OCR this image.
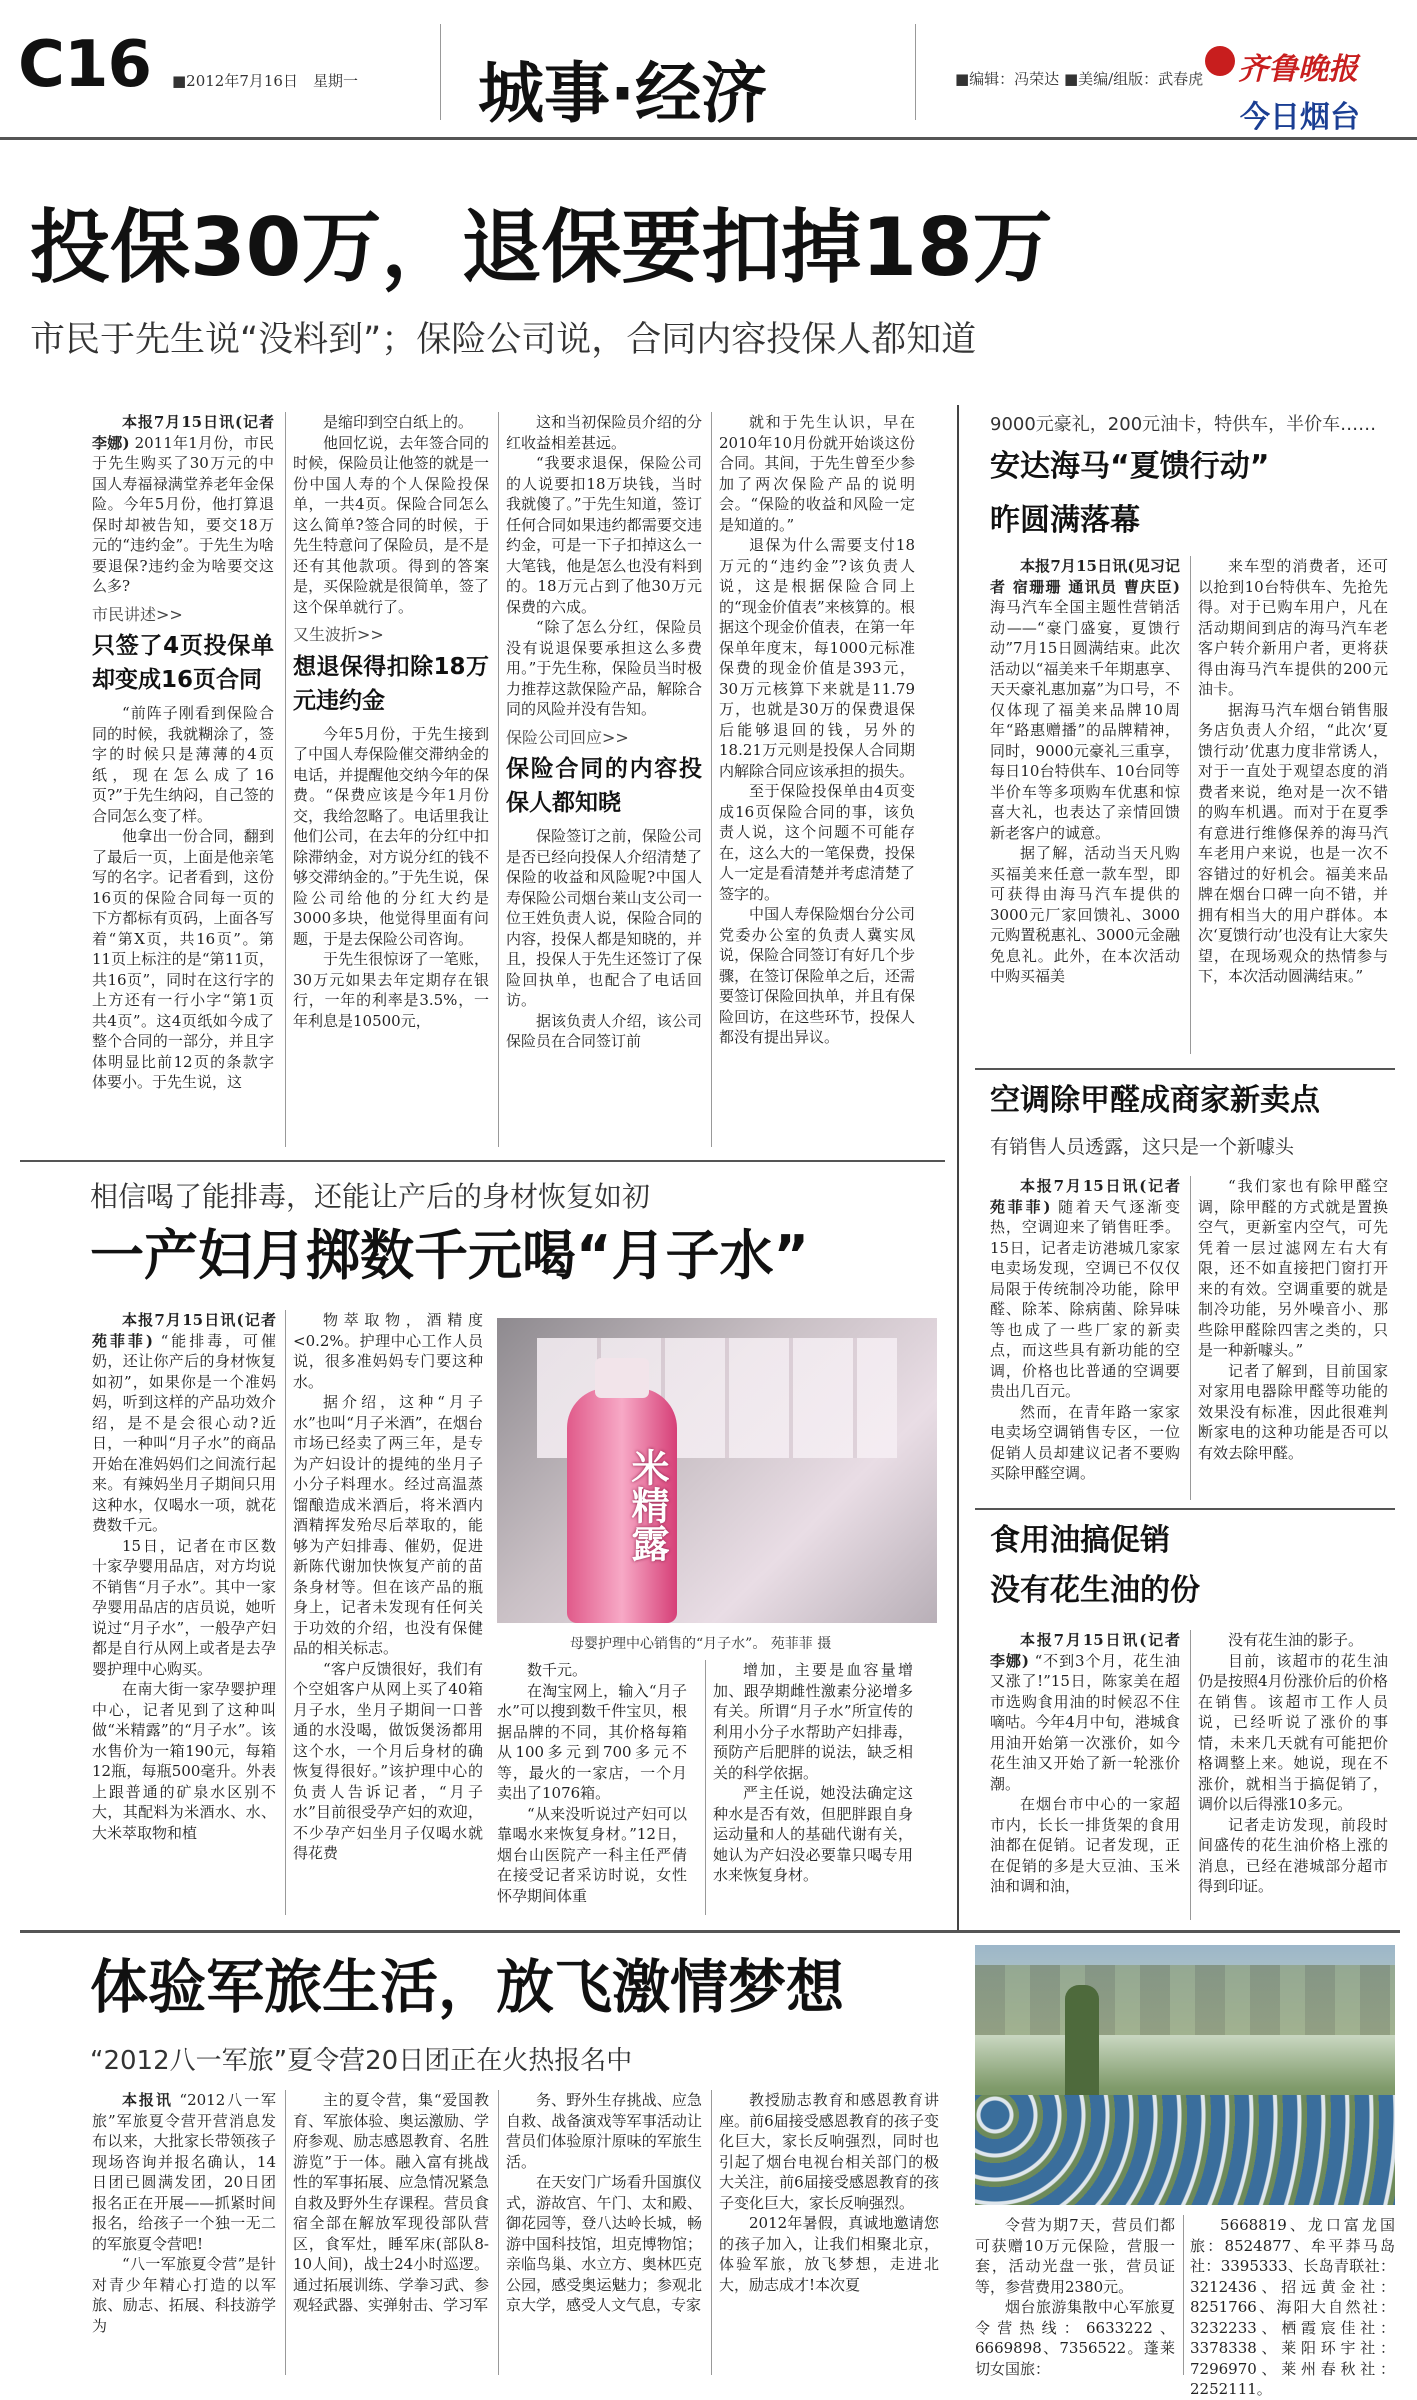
C16 ■2012年7月16日　星期一 城事·经济	■编辑：冯荣达 ■美编/组版：武春虎 齐鲁晚报
今日烟台
投保30万，退保要扣掉18万
市民于先生说“没料到”；保险公司说，合同内容投保人都知道

本报7月15日讯(记者 李娜) 2011年1月份，市民于先生购买了30万元的中国人寿福禄满堂养老年金保险。今年5月份，他打算退保时却被告知，要交18万元的“违约金”。于先生为啥要退保?违约金为啥要交这么多?

市民讲述>>
只签了4页投保单却变成16页合同

“前阵子刚看到保险合同的时候，我就糊涂了，签字的时候只是薄薄的4页纸，现在怎么成了16页?”于先生纳闷，自己签的合同怎么变了样。

他拿出一份合同，翻到了最后一页，上面是他亲笔写的名字。记者看到，这份16页的保险合同每一页的下方都标有页码，上面各写着“第X页，共16页”。第11页上标注的是“第11页，共16页”，同时在这行字的上方还有一行小字“第1页共4页”。这4页纸如今成了整个合同的一部分，并且字体明显比前12页的条款字体要小。于先生说，这

是缩印到空白纸上的。

他回忆说，去年签合同的时候，保险员让他签的就是一份中国人寿的个人保险投保单，一共4页。保险合同怎么这么简单?签合同的时候，于先生特意问了保险员，是不是还有其他款项。得到的答案是，买保险就是很简单，签了这个保单就行了。

又生波折>>
想退保得扣除18万元违约金

今年5月份，于先生接到了中国人寿保险催交滞纳金的电话，并提醒他交纳今年的保费。“保费应该是今年1月份交，我给忽略了。电话里我让他们公司，在去年的分红中扣除滞纳金，对方说分红的钱不够交滞纳金的。”于先生说，保险公司给他的分红大约是3000多块，他觉得里面有问题，于是去保险公司咨询。

于先生很惊讶了一笔账，30万元如果去年定期存在银行，一年的利率是3.5%，一年利息是10500元，

这和当初保险员介绍的分红收益相差甚远。

“我要求退保，保险公司的人说要扣18万块钱，当时我就傻了。”于先生知道，签订任何合同如果违约都需要交违约金，可是一下子扣掉这么一大笔钱，他是怎么也没有料到的。18万元占到了他30万元保费的六成。

“除了怎么分红，保险员没有说退保要承担这么多费用。”于先生称，保险员当时极力推荐这款保险产品，解除合同的风险并没有告知。

保险公司回应>>
保险合同的内容投保人都知晓

保险签订之前，保险公司是否已经向投保人介绍清楚了保险的收益和风险呢?中国人寿保险公司烟台莱山支公司一位王姓负责人说，保险合同的内容，投保人都是知晓的，并且，投保人于先生还签订了保险回执单，也配合了电话回访。

据该负责人介绍，该公司保险员在合同签订前

就和于先生认识，早在2010年10月份就开始谈这份合同。其间，于先生曾至少参加了两次保险产品的说明会。“保险的收益和风险一定是知道的。”

退保为什么需要支付18万元的“违约金”?该负责人说，这是根据保险合同上的“现金价值表”来核算的。根据这个现金价值表，在第一年保单年度末，每1000元标准保费的现金价值是393元，30万元核算下来就是11.79万，也就是30万的保费退保后能够退回的钱，另外的18.21万元则是投保人合同期内解除合同应该承担的损失。

至于保险投保单由4页变成16页保险合同的事，该负责人说，这个问题不可能存在，这么大的一笔保费，投保人一定是看清楚并考虑清楚了签字的。

中国人寿保险烟台分公司党委办公室的负责人冀实凤说，保险合同签订有好几个步骤，在签订保险单之后，还需要签订保险回执单，并且有保险回访，在这些环节，投保人都没有提出异议。

9000元豪礼，200元油卡，特供车，半价车……
安达海马“夏馈行动”
昨圆满落幕

本报7月15日讯(见习记者 宿珊珊 通讯员 曹庆臣) 海马汽车全国主题性营销活动——“豪门盛宴，夏馈行动”7月15日圆满结束。此次活动以“福美来千年期惠享、天天豪礼惠加嘉”为口号，不仅体现了福美来品牌10周年“路惠赠播”的品牌精神，同时，9000元豪礼三重享，每日10台特供车、10台同等半价车等多项购车优惠和惊喜大礼，也表达了亲情回馈新老客户的诚意。

据了解，活动当天凡购买福美来任意一款车型，即可获得由海马汽车提供的3000元厂家回馈礼、3000元购置税惠礼、3000元金融免息礼。此外，在本次活动中购买福美

来车型的消费者，还可以抢到10台特供车、先抢先得。对于已购车用户，凡在活动期间到店的海马汽车老客户转介新用户者，更将获得由海马汽车提供的200元油卡。

据海马汽车烟台销售服务店负责人介绍，“此次‘夏馈行动’优惠力度非常诱人，对于一直处于观望态度的消费者来说，绝对是一次不错的购车机遇。而对于在夏季有意进行维修保养的海马汽车老用户来说，也是一次不容错过的好机会。福美来品牌在烟台口碑一向不错，并拥有相当大的用户群体。本次‘夏馈行动’也没有让大家失望，在现场观众的热情参与下，本次活动圆满结束。”

空调除甲醛成商家新卖点
有销售人员透露，这只是一个新噱头

本报7月15日讯(记者 苑菲菲) 随着天气逐渐变热，空调迎来了销售旺季。15日，记者走访港城几家家电卖场发现，空调已不仅仅局限于传统制冷功能，除甲醛、除苯、除病菌、除异味等也成了一些厂家的新卖点，而这些具有新功能的空调，价格也比普通的空调要贵出几百元。

然而，在青年路一家家电卖场空调销售专区，一位促销人员却建议记者不要购买除甲醛空调。

“我们家也有除甲醛空调，除甲醛的方式就是置换空气，更新室内空气，可先凭着一层过滤网左右大有限，还不如直接把门窗打开来的有效。空调重要的就是制冷功能，另外噪音小、那些除甲醛除四害之类的，只是一种新噱头。”

记者了解到，目前国家对家用电器除甲醛等功能的效果没有标准，因此很难判断家电的这种功能是否可以有效去除甲醛。

食用油搞促销
没有花生油的份

本报7月15日讯(记者 李娜) “不到3个月，花生油又涨了!”15日，陈家美在超市选购食用油的时候忍不住嘀咕。今年4月中旬，港城食用油开始第一次涨价，如今花生油又开始了新一轮涨价潮。

在烟台市中心的一家超市内，长长一排货架的食用油都在促销。记者发现，正在促销的多是大豆油、玉米油和调和油，

没有花生油的影子。

目前，该超市的花生油仍是按照4月份涨价后的价格在销售。该超市工作人员说，已经听说了涨价的事情，未来几天就有可能把价格调整上来。她说，现在不涨价，就相当于搞促销了，调价以后得涨10多元。

记者走访发现，前段时间盛传的花生油价格上涨的消息，已经在港城部分超市得到印证。

相信喝了能排毒，还能让产后的身材恢复如初
一产妇月掷数千元喝“月子水”

本报7月15日讯(记者 苑菲菲) “能排毒，可催奶，还让你产后的身材恢复如初”，如果你是一个准妈妈，听到这样的产品功效介绍，是不是会很心动?近日，一种叫“月子水”的商品开始在准妈妈们之间流行起来。有辣妈坐月子期间只用这种水，仅喝水一项，就花费数千元。

15日，记者在市区数十家孕婴用品店，对方均说不销售“月子水”。其中一家孕婴用品店的店员说，她听说过“月子水”，一般孕产妇都是自行从网上或者是去孕婴护理中心购买。

在南大街一家孕婴护理中心，记者见到了这种叫做“米精露”的“月子水”。该水售价为一箱190元，每箱12瓶，每瓶500毫升。外表上跟普通的矿泉水区别不大，其配料为米酒水、水、大米萃取物和植

物萃取物，酒精度<0.2%。护理中心工作人员说，很多准妈妈专门要这种水。

据介绍，这种“月子水”也叫“月子米酒”，在烟台市场已经卖了两三年，是专为产妇设计的提纯的坐月子小分子料理水。经过高温蒸馏酿造成米酒后，将米酒内酒精挥发殆尽后萃取的，能够为产妇排毒、催奶，促进新陈代谢加快恢复产前的苗条身材等。但在该产品的瓶身上，记者未发现有任何关于功效的介绍，也没有保健品的相关标志。

“客户反馈很好，我们有个空姐客户从网上买了40箱月子水，坐月子期间一口普通的水没喝，做饭煲汤都用这个水，一个月后身材的确恢复得很好。”该护理中心的负责人告诉记者，“月子水”目前很受孕产妇的欢迎，不少孕产妇坐月子仅喝水就得花费

米精露
母婴护理中心销售的“月子水”。 苑菲菲 摄

数千元。

在淘宝网上，输入“月子水”可以搜到数千件宝贝，根据品牌的不同，其价格每箱从100多元到700多元不等，最火的一家店，一个月卖出了1076箱。

“从来没听说过产妇可以靠喝水来恢复身材。”12日，烟台山医院产一科主任严倩在接受记者采访时说，女性怀孕期间体重

增加，主要是血容量增加、跟孕期雌性激素分泌增多有关。所谓“月子水”所宣传的利用小分子水帮助产妇排毒，预防产后肥胖的说法，缺乏相关的科学依据。

严主任说，她没法确定这种水是否有效，但肥胖跟自身运动量和人的基础代谢有关，她认为产妇没必要靠只喝专用水来恢复身材。

体验军旅生活，放飞激情梦想
“2012八一军旅”夏令营20日团正在火热报名中

本报讯 “2012八一军旅”军旅夏令营开营消息发布以来，大批家长带领孩子现场咨询并报名确认，14日团已圆满发团，20日团报名正在开展——抓紧时间报名，给孩子一个独一无二的军旅夏令营吧!

“八一军旅夏令营”是针对青少年精心打造的以军旅、励志、拓展、科技游学为

主的夏令营，集“爱国教育、军旅体验、奥运激励、学府参观、励志感恩教育、名胜游览”于一体。融入富有挑战性的军事拓展、应急情况紧急自救及野外生存课程。营员食宿全部在解放军现役部队营区，食军灶，睡军床(部队8-10人间)，战士24小时巡逻。通过拓展训练、学拳习武、参观轻武器、实弹射击、学习军

务、野外生存挑战、应急自救、战备演戏等军事活动让营员们体验原汁原味的军旅生活。

在天安门广场看升国旗仪式，游故宫、午门、太和殿、御花园等，登八达岭长城，畅游中国科技馆，坦克博物馆；亲临鸟巢、水立方、奥林匹克公园，感受奥运魅力；参观北京大学，感受人文气息，专家

教授励志教育和感恩教育讲座。前6届接受感恩教育的孩子变化巨大，家长反响强烈，同时也引起了烟台电视台相关部门的极大关注，前6届接受感恩教育的孩子变化巨大，家长反响强烈。

2012年暑假，真诚地邀请您的孩子加入，让我们相聚北京，体验军旅，放飞梦想，走进北大，励志成才!本次夏

令营为期7天，营员们都可获赠10万元保险，营服一套，活动光盘一张，营员证等，参营费用2380元。

烟台旅游集散中心军旅夏令营热线：6633222、6669898、7356522。蓬莱切女国旅：

5668819、龙口富龙国旅：8524877、牟平莽马岛社：3395333、长岛青联社：3212436、招远黄金社：8251766、海阳大自然社：3232233、栖霞宸佳社：3378338、莱阳环宇社：7296970、莱州春秋社：2252111。
